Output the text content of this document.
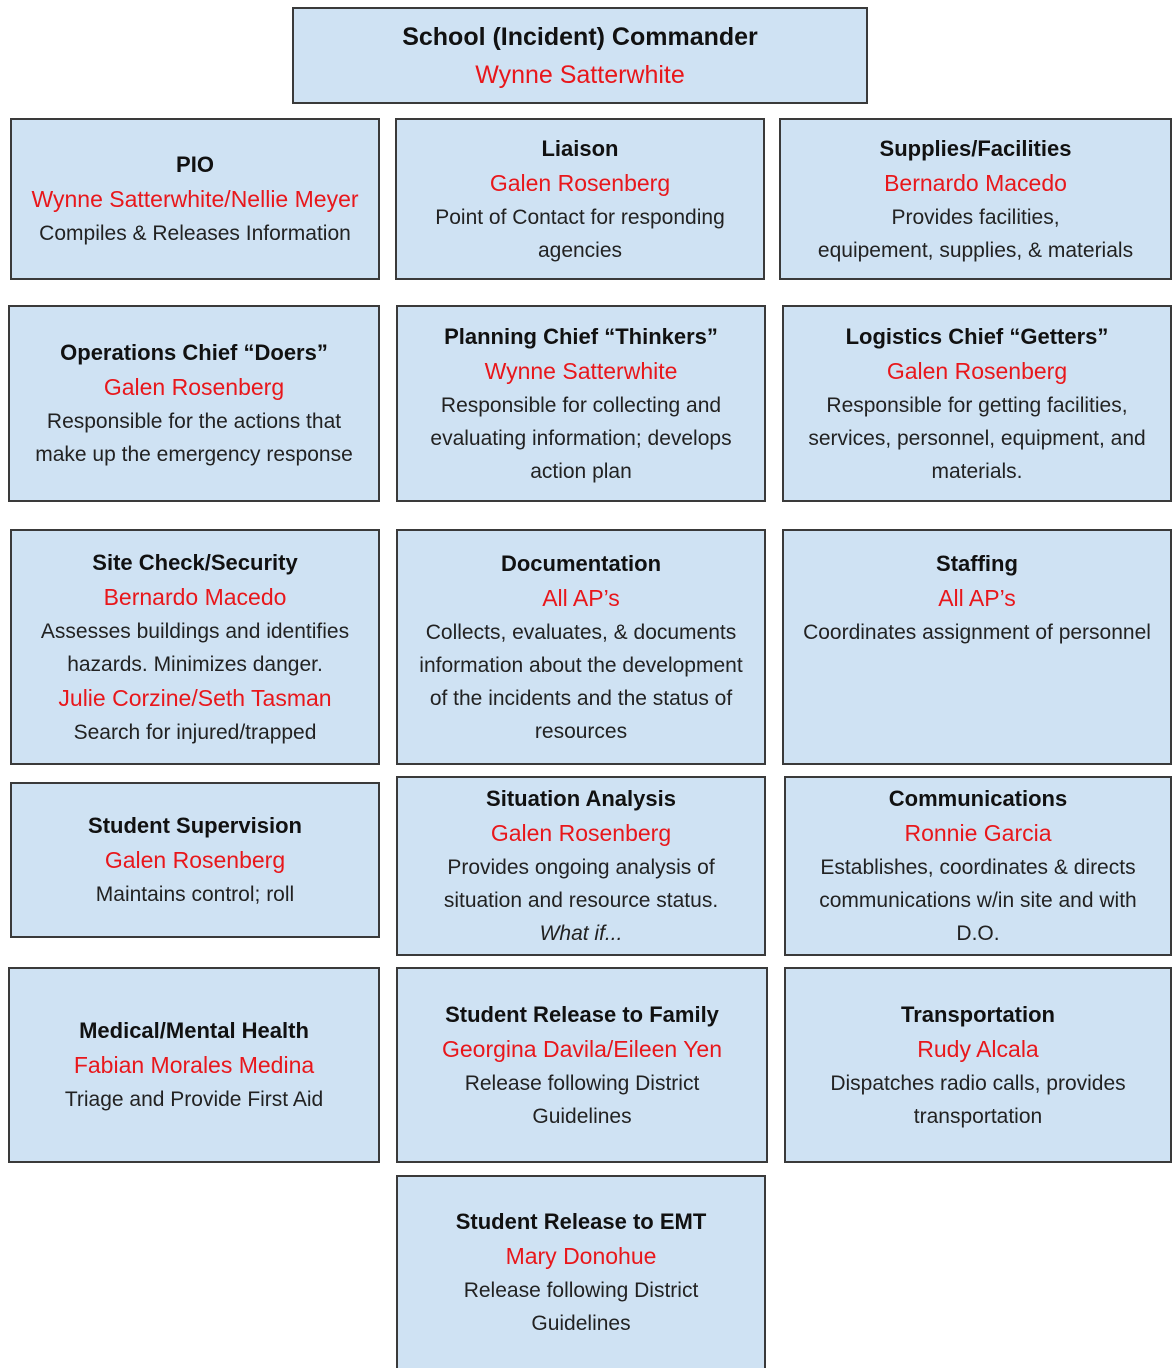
School (Incident) Commander
Wynne Satterwhite
PIO
Wynne Satterwhite/Nellie Meyer
Compiles & Releases Information
Liaison
Galen Rosenberg
Point of Contact for responding
agencies
Supplies/Facilities
Bernardo Macedo
Provides facilities,
equipement, supplies, & materials
Operations Chief “Doers”
Galen Rosenberg
Responsible for the actions that
make up the emergency response
Planning Chief “Thinkers”
Wynne Satterwhite
Responsible for collecting and
evaluating information; develops
action plan
Logistics Chief “Getters”
Galen Rosenberg
Responsible for getting facilities,
services, personnel, equipment, and
materials.
Site Check/Security
Bernardo Macedo
Assesses buildings and identifies
hazards. Minimizes danger.
Julie Corzine/Seth Tasman
Search for injured/trapped
Documentation
All AP’s
Collects, evaluates, & documents
information about the development
of the incidents and the status of
resources
Staffing
All AP’s
Coordinates assignment of personnel
Student Supervision
Galen Rosenberg
Maintains control; roll
Situation Analysis
Galen Rosenberg
Provides ongoing analysis of
situation and resource status.
What if...
Communications
Ronnie Garcia
Establishes, coordinates & directs
communications w/in site and with
D.O.
Medical/Mental Health
Fabian Morales Medina
Triage and Provide First Aid
Student Release to Family
Georgina Davila/Eileen Yen
Release following District
Guidelines
Transportation
Rudy Alcala
Dispatches radio calls, provides
transportation
Student Release to EMT
Mary Donohue
Release following District
Guidelines
